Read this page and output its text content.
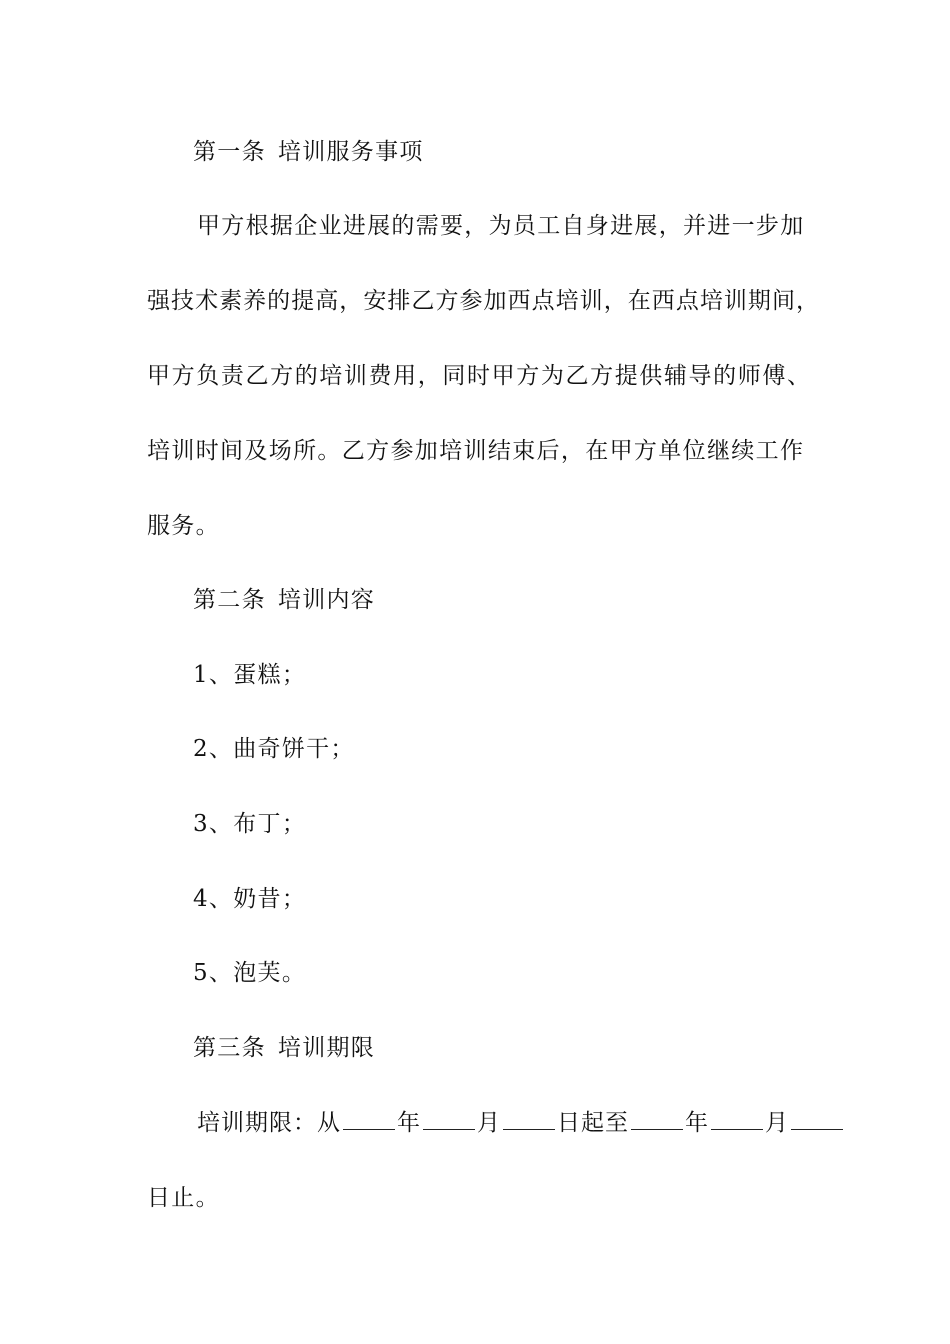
第一条 培训服务事项
甲方根据企业进展的需要，为员工自身进展，并进一步加
强技术素养的提高，安排乙方参加西点培训，在西点培训期间，
甲方负责乙方的培训费用，同时甲方为乙方提供辅导的师傅、
培训时间及场所。乙方参加培训结束后，在甲方单位继续工作
服务。
第二条 培训内容
1、蛋糕；
2、曲奇饼干；
3、布丁；
4、奶昔；
5、泡芙。
第三条 培训期限
培训期限：从 年 月 日起至 年 月
日止。
